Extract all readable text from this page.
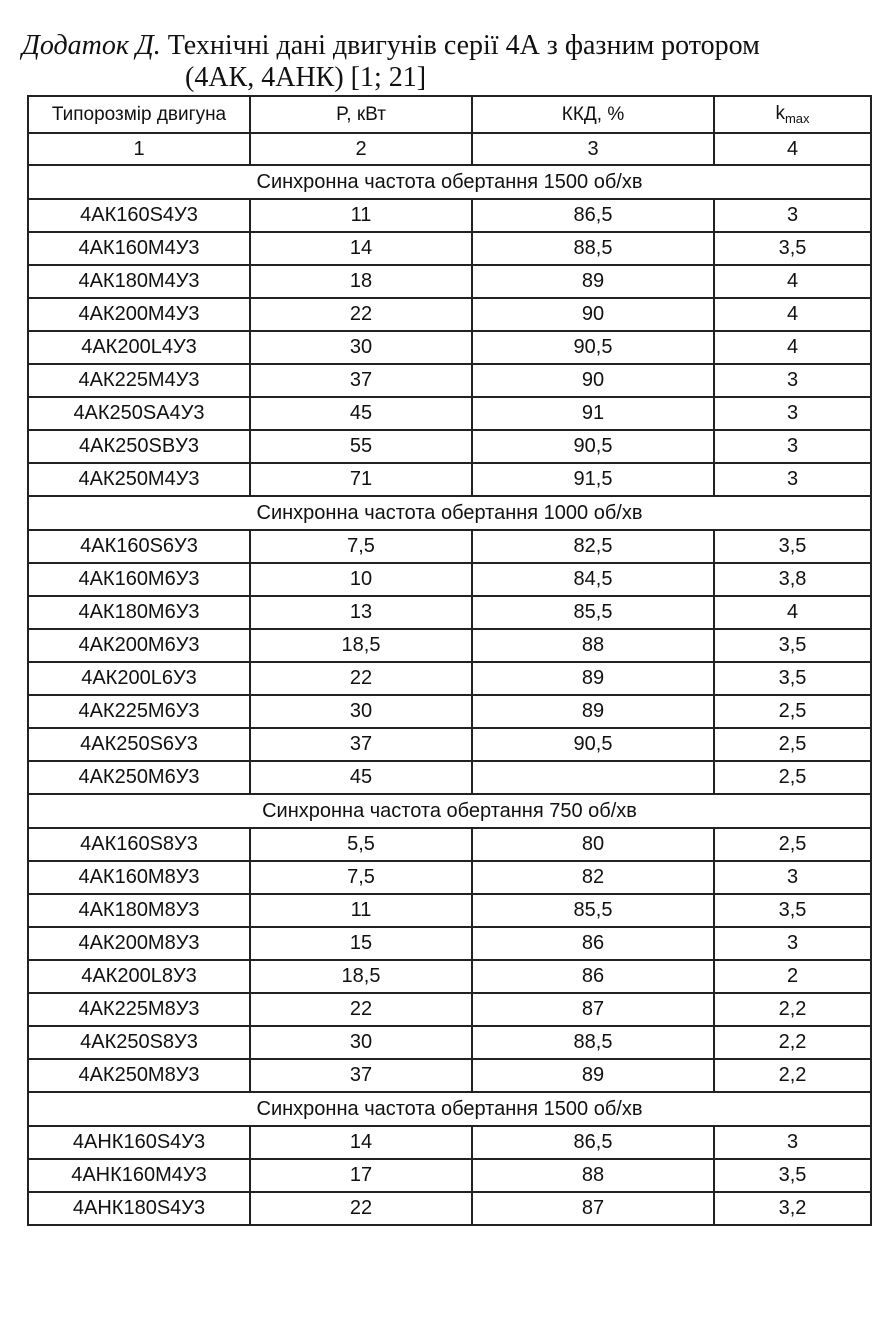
Додаток Д. Технічні дані двигунів серії 4А з фазним ротором
(4АК, 4АНК) [1; 21]
Типорозмір двигуна	P, кВт	ККД, %	$k_{max}$
1	2	3	4
Синхронна частота обертання 1500 об/хв			
4АК160S4У3	11	86,5	3
4АК160М4У3	14	88,5	3,5
4АК180М4У3	18	89	4
4АК200М4У3	22	90	4
4АК200L4У3	30	90,5	4
4АК225М4У3	37	90	3
4АК250SA4У3	45	91	3
4АК250SBУ3	55	90,5	3
4АК250М4У3	71	91,5	3
Синхронна частота обертання 1000 об/хв			
4АК160S6У3	7,5	82,5	3,5
4АК160М6У3	10	84,5	3,8
4АК180М6У3	13	85,5	4
4АК200М6У3	18,5	88	3,5
4АК200L6У3	22	89	3,5
4АК225М6У3	30	89	2,5
4АК250S6У3	37	90,5	2,5
4АК250М6У3	45		2,5
Синхронна частота обертання 750 об/хв			
4АК160S8У3	5,5	80	2,5
4АК160М8У3	7,5	82	3
4АК180М8У3	11	85,5	3,5
4АК200М8У3	15	86	3
4АК200L8У3	18,5	86	2
4АК225М8У3	22	87	2,2
4АК250S8У3	30	88,5	2,2
4АК250М8У3	37	89	2,2
Синхронна частота обертання 1500 об/хв			
4АНК160S4У3	14	86,5	3
4АНК160М4У3	17	88	3,5
4АНК180S4У3	22	87	3,2
